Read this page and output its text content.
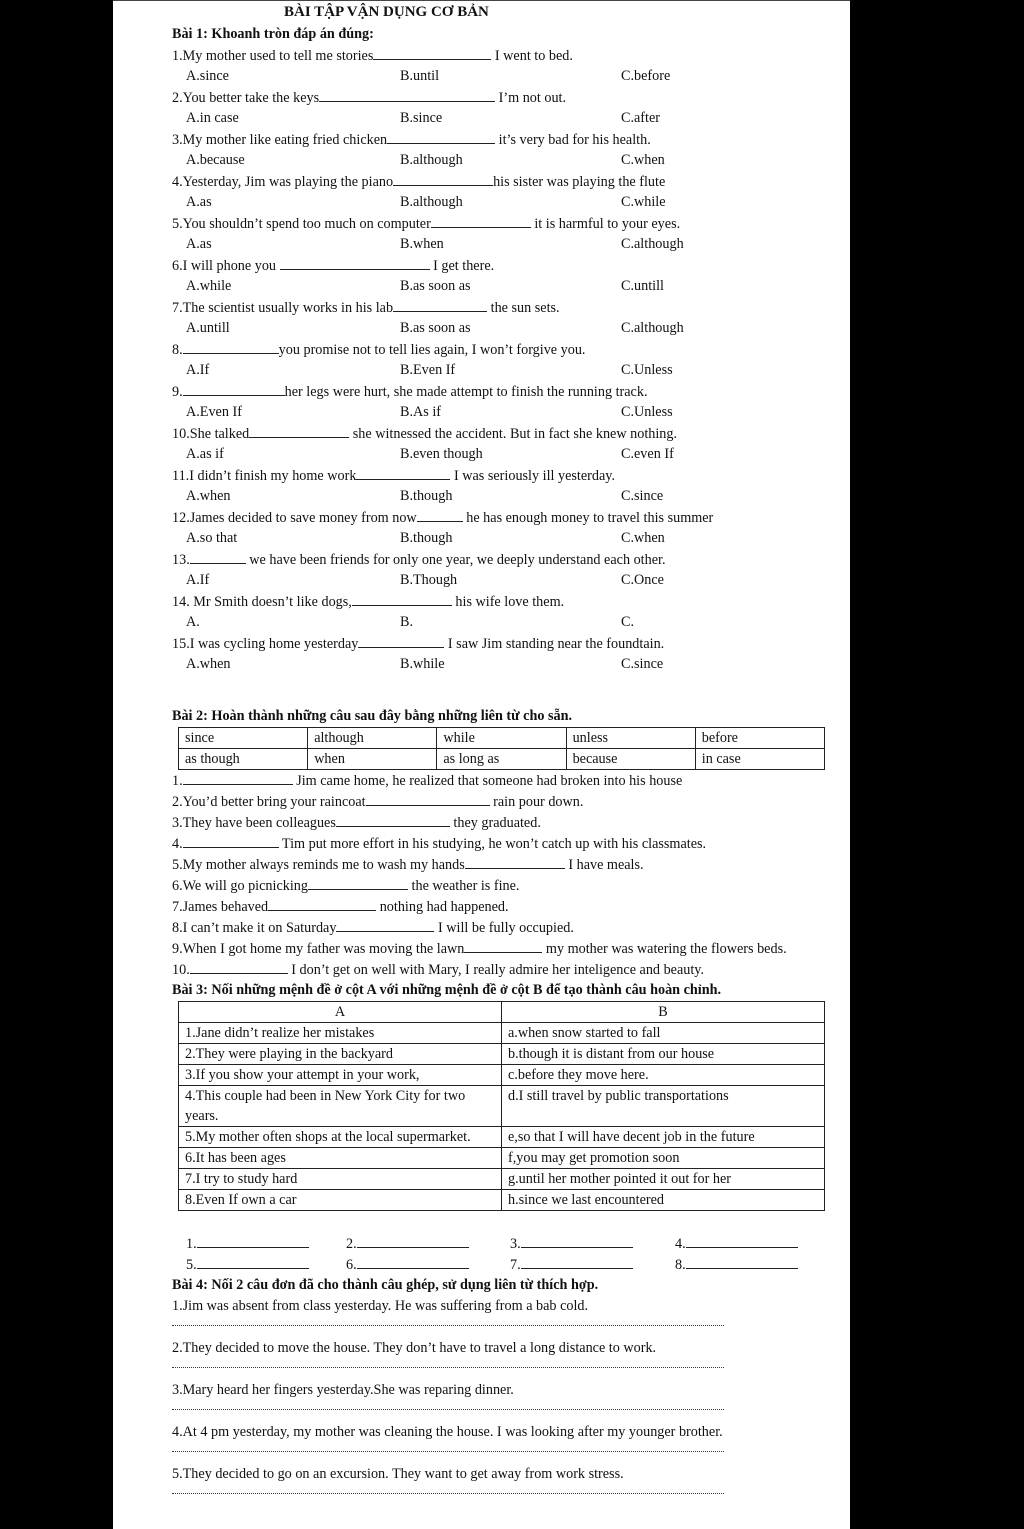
BÀI TẬP VẬN DỤNG CƠ BẢN
Bài 1: Khoanh tròn đáp án đúng:
1.My mother used to tell me stories	I went to bed.
A.since	B.until	C.before
2.You better take the keys	I’m not out.
A.in case	B.since	C.after
3.My mother like eating fried chicken	it’s very bad for his health.
A.because	B.although	C.when
4.Yesterday, Jim was playing the piano	his sister was playing the flute
A.as	B.although	C.while
5.You shouldn’t spend too much on computer	it is harmful to your eyes.
A.as	B.when	C.although
6.I will phone you	I get there.
A.while	B.as soon as	C.untill
7.The scientist usually works in his lab	the sun sets.
A.untill	B.as soon as	C.although
8.	you promise not to tell lies again, I won’t forgive you.
A.If	B.Even If	C.Unless
9.	her legs were hurt, she made attempt to finish the running track.
A.Even If	B.As if	C.Unless
10.She talked	she witnessed the accident. But in fact she knew nothing.
A.as if	B.even though	C.even If
11.I didn’t finish my home work	I was seriously ill yesterday.
A.when	B.though	C.since
12.James decided to save money from now	he has enough money to travel this summer
A.so that	B.though	C.when
13.	we have been friends for only one year, we deeply understand each other.
A.If	B.Though	C.Once
14. Mr Smith doesn’t like dogs,	his wife love them.
A.	B.	C.
15.I was cycling home yesterday	I saw Jim standing near the foundtain.
A.when	B.while	C.since
Bài 2: Hoàn thành những câu sau đây bằng những liên từ cho sẵn.
since	although	while	unless	before
as though	when	as long as	because	in case
1.	Jim came home, he realized that someone had broken into his house
2.You’d better bring your raincoat	rain pour down.
3.They have been colleagues	they graduated.
4.	Tim put more effort in his studying, he won’t catch up with his classmates.
5.My mother always reminds me to wash my hands	I have meals.
6.We will go picnicking	the weather is fine.
7.James behaved	nothing had happened.
8.I can’t make it on Saturday	I will be fully occupied.
9.When I got home my father was moving the lawn	my mother was watering the flowers beds.
10.	I don’t get on well with Mary, I really admire her inteligence and beauty.
Bài 3: Nối những mệnh đề ở cột A với những mệnh đề ở cột B để tạo thành câu hoàn chỉnh.
A	B
1.Jane didn’t realize her mistakes	a.when snow started to fall
2.They were playing in the backyard	b.though it is distant from our house
3.If you show your attempt in your work,	c.before they move here.
4.This couple had been in New York City for two years.	d.I still travel by public transportations
5.My mother often shops at the local supermarket.	e,so that I will have decent job in the future
6.It has been ages	f,you may get promotion soon
7.I try to study hard	g.until her mother pointed it out for her
8.Even If own a car	h.since we last encountered
1.	2.	3.	4.
5.	6.	7.	8.
Bài 4: Nối 2 câu đơn đã cho thành câu ghép, sử dụng liên từ thích hợp.
1.Jim was absent from class yesterday. He was suffering from a bab cold.
2.They decided to move the house. They don’t have to travel a long distance to work.
3.Mary heard her fingers yesterday.She was reparing dinner.
4.At 4 pm yesterday, my mother was cleaning the house. I was looking after my younger brother.
5.They decided to go on an excursion. They want to get away from work stress.
